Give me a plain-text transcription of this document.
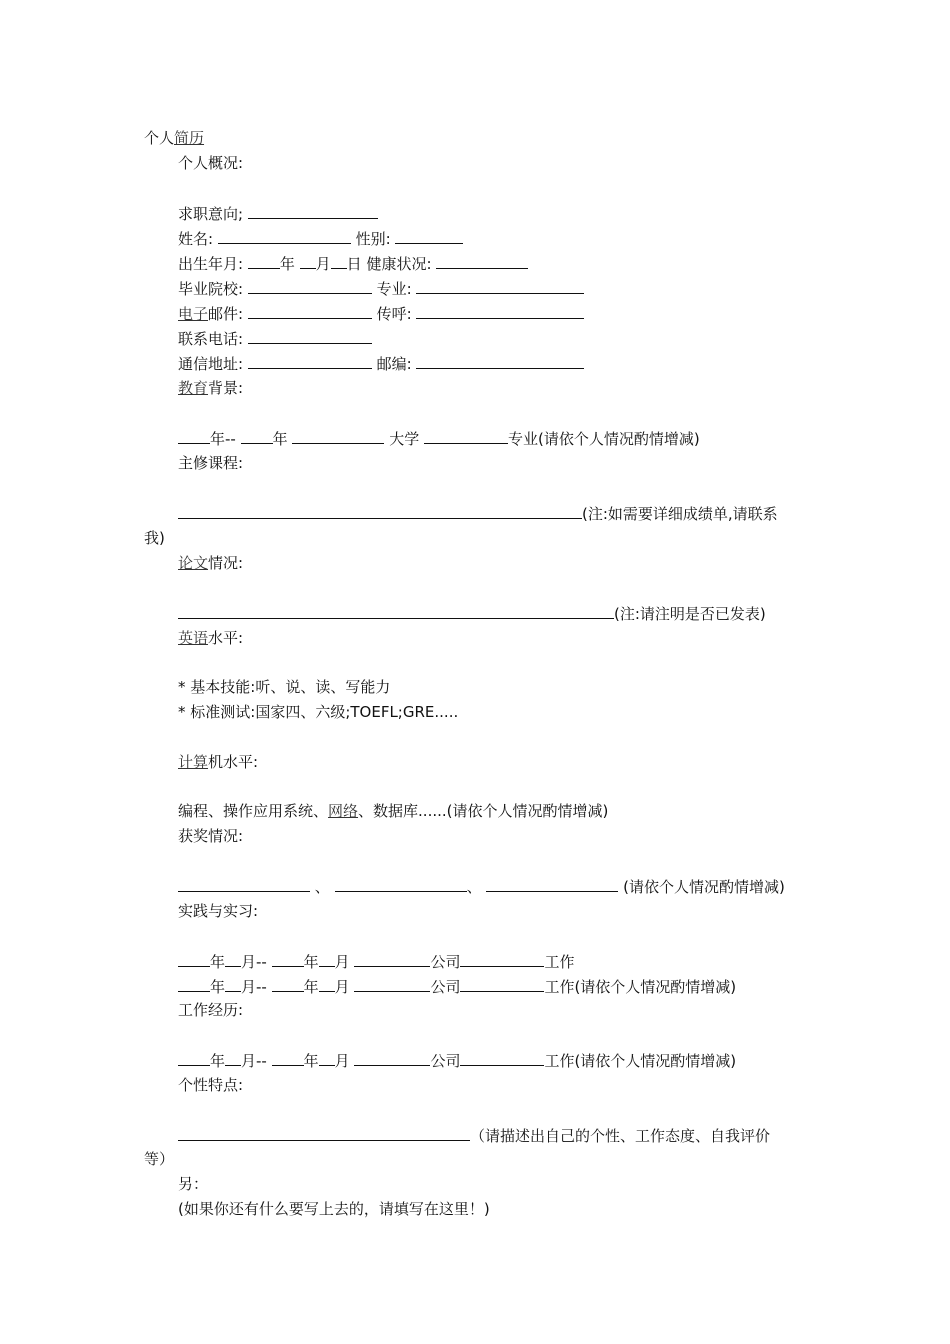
个人简历
个人概况:
求职意向;
姓名:	性别:
出生年月: 年 月 日 健康状况:
毕业院校:	专业:
电子邮件:	传呼:
联系电话:
通信地址:	邮编:
教育背景:
年-- 年	大学	专业(请依个人情况酌情增减)
主修课程:
(注:如需要详细成绩单,请联系
我)
论文情况:
(注:请注明是否已发表)
英语水平:
* 基本技能:听、说、读、写能力
* 标准测试:国家四、六级;TOEFL;GRE.....
计算机水平:
编程、操作应用系统、网络、数据库......(请依个人情况酌情增减)
获奖情况:
、	、	(请依个人情况酌情增减)
实践与实习:
年 月-- 年 月	公司	工作
年 月-- 年 月	公司	工作(请依个人情况酌情增减)
工作经历:
年 月-- 年 月	公司	工作(请依个人情况酌情增减)
个性特点:
（请描述出自己的个性、工作态度、自我评价
等）
另：
(如果你还有什么要写上去的，请填写在这里！)
